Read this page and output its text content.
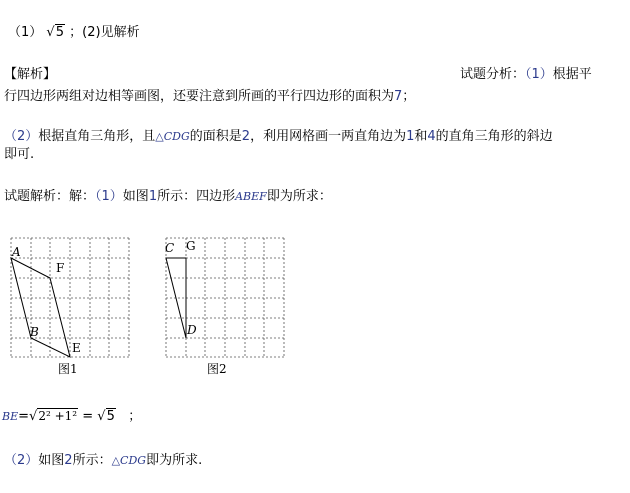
（1） √5 ；(2)见解析
【解析】	试题分析：（1）根据平
行四边形两组对边相等画图，还要注意到所画的平行四边形的面积为7；
（2）根据直角三角形，且△CDG的面积是2，利用网格画一两直角边为1和4的直角三角形的斜边
即可.
试题解析：解：（1）如图1所示：四边形ABEF即为所求：
A
B
F
E
图1
C G
D
图2
BE=√2² +1² = √5 ；
（2）如图2所示：△CDG即为所求.
